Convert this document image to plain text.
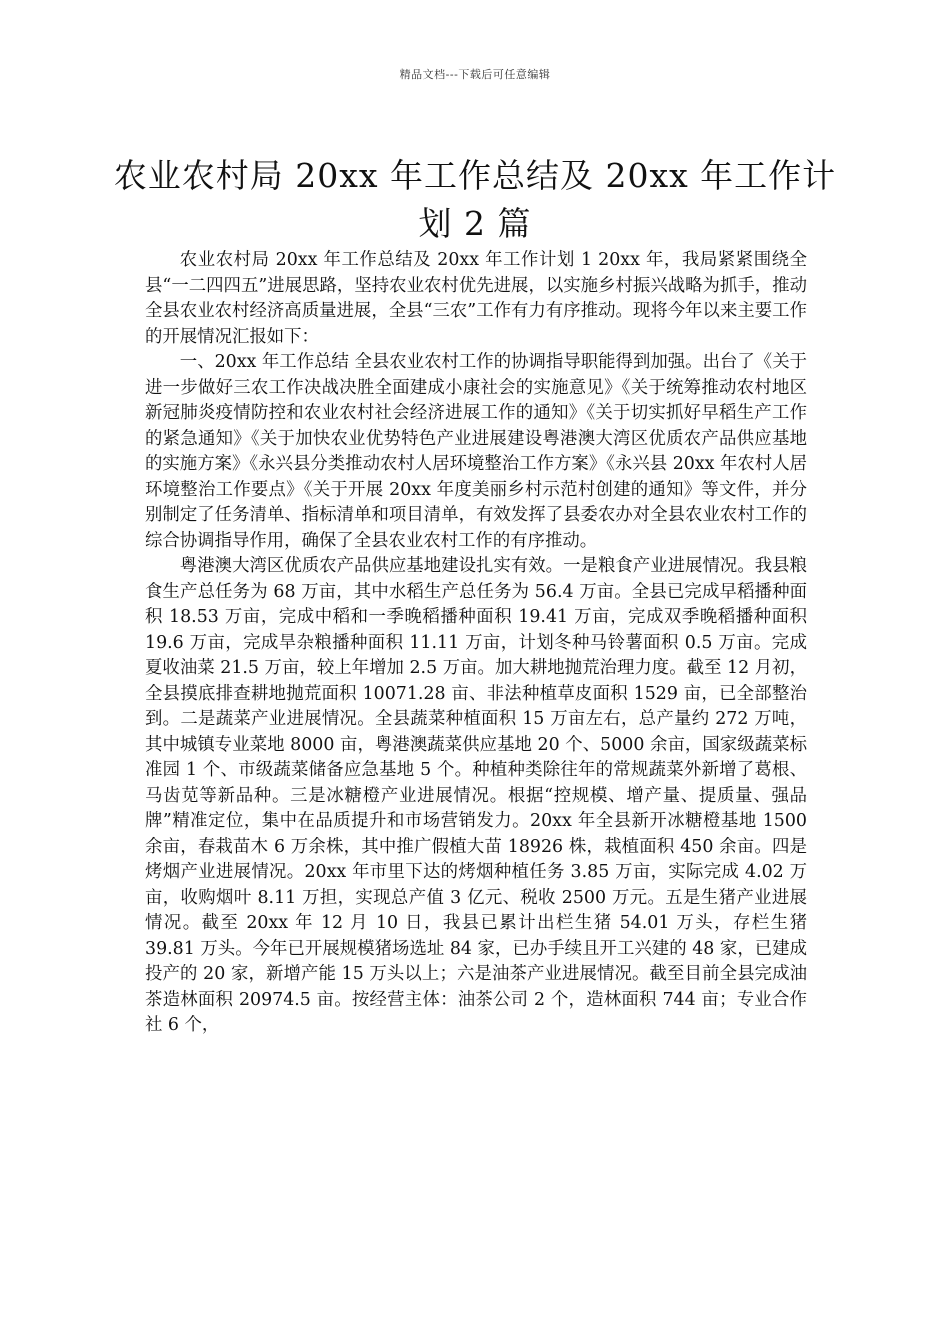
精品文档---下载后可任意编辑
农业农村局 20xx 年工作总结及 20xx 年工作计划 2 篇

农业农村局 20xx 年工作总结及 20xx 年工作计划 1 20xx 年，我局紧紧围绕全县“一二四四五”进展思路，坚持农业农村优先进展，以实施乡村振兴战略为抓手，推动全县农业农村经济高质量进展，全县“三农”工作有力有序推动。现将今年以来主要工作的开展情况汇报如下：

一、20xx 年工作总结 全县农业农村工作的协调指导职能得到加强。出台了《关于进一步做好三农工作决战决胜全面建成小康社会的实施意见》《关于统筹推动农村地区新冠肺炎疫情防控和农业农村社会经济进展工作的通知》《关于切实抓好早稻生产工作的紧急通知》《关于加快农业优势特色产业进展建设粤港澳大湾区优质农产品供应基地的实施方案》《永兴县分类推动农村人居环境整治工作方案》《永兴县 20xx 年农村人居环境整治工作要点》《关于开展 20xx 年度美丽乡村示范村创建的通知》等文件，并分别制定了任务清单、指标清单和项目清单，有效发挥了县委农办对全县农业农村工作的综合协调指导作用，确保了全县农业农村工作的有序推动。

粤港澳大湾区优质农产品供应基地建设扎实有效。一是粮食产业进展情况。我县粮食生产总任务为 68 万亩，其中水稻生产总任务为 56.4 万亩。全县已完成早稻播种面积 18.53 万亩，完成中稻和一季晚稻播种面积 19.41 万亩，完成双季晚稻播种面积 19.6 万亩，完成旱杂粮播种面积 11.11 万亩，计划冬种马铃薯面积 0.5 万亩。完成夏收油菜 21.5 万亩，较上年增加 2.5 万亩。加大耕地抛荒治理力度。截至 12 月初，全县摸底排查耕地抛荒面积 10071.28 亩、非法种植草皮面积 1529 亩，已全部整治到。二是蔬菜产业进展情况。全县蔬菜种植面积 15 万亩左右，总产量约 272 万吨，其中城镇专业菜地 8000 亩，粤港澳蔬菜供应基地 20 个、5000 余亩，国家级蔬菜标准园 1 个、市级蔬菜储备应急基地 5 个。种植种类除往年的常规蔬菜外新增了葛根、马齿苋等新品种。三是冰糖橙产业进展情况。根据“控规模、增产量、提质量、强品牌”精准定位，集中在品质提升和市场营销发力。20xx 年全县新开冰糖橙基地 1500 余亩，春栽苗木 6 万余株，其中推广假植大苗 18926 株，栽植面积 450 余亩。四是烤烟产业进展情况。20xx 年市里下达的烤烟种植任务 3.85 万亩，实际完成 4.02 万亩，收购烟叶 8.11 万担，实现总产值 3 亿元、税收 2500 万元。五是生猪产业进展情况。截至 20xx 年 12 月 10 日，我县已累计出栏生猪 54.01 万头，存栏生猪 39.81 万头。今年已开展规模猪场选址 84 家，已办手续且开工兴建的 48 家，已建成投产的 20 家，新增产能 15 万头以上；六是油茶产业进展情况。截至目前全县完成油茶造林面积 20974.5 亩。按经营主体：油茶公司 2 个，造林面积 744 亩；专业合作社 6 个，
